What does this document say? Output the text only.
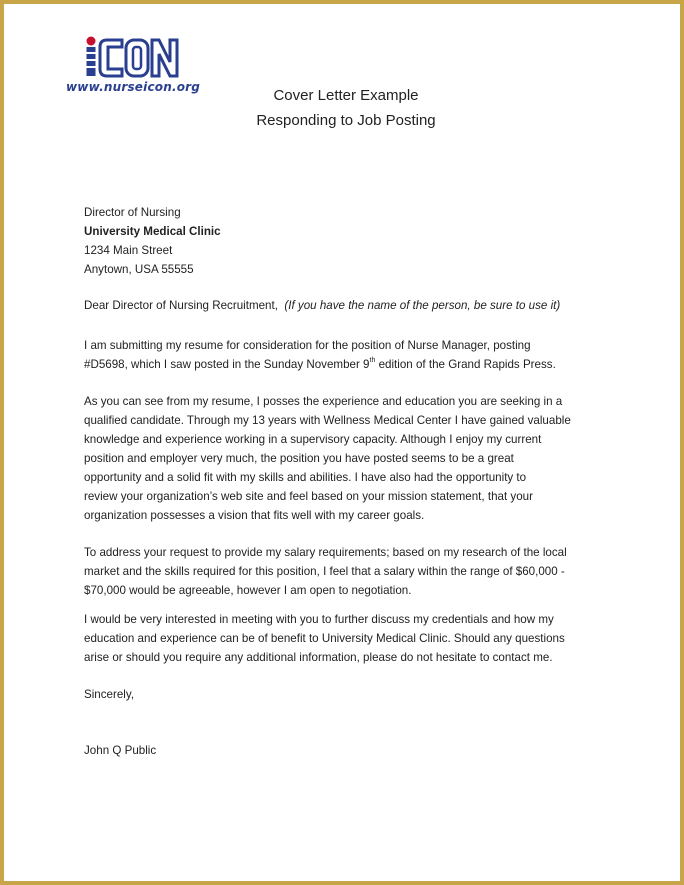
www.nurseicon.org	Cover Letter Example
Responding to Job Posting
Director of Nursing
University Medical Clinic
1234 Main Street
Anytown, USA 55555
Dear Director of Nursing Recruitment, (If you have the name of the person, be sure to use it)
I am submitting my resume for consideration for the position of Nurse Manager, posting
#D5698, which I saw posted in the Sunday November 9th edition of the Grand Rapids Press.
As you can see from my resume, I posses the experience and education you are seeking in a
qualified candidate. Through my 13 years with Wellness Medical Center I have gained valuable
knowledge and experience working in a supervisory capacity. Although I enjoy my current
position and employer very much, the position you have posted seems to be a great
opportunity and a solid fit with my skills and abilities. I have also had the opportunity to
review your organization’s web site and feel based on your mission statement, that your
organization possesses a vision that fits well with my career goals.
To address your request to provide my salary requirements; based on my research of the local
market and the skills required for this position, I feel that a salary within the range of $60,000 -
$70,000 would be agreeable, however I am open to negotiation.
I would be very interested in meeting with you to further discuss my credentials and how my
education and experience can be of benefit to University Medical Clinic. Should any questions
arise or should you require any additional information, please do not hesitate to contact me.
Sincerely,
John Q Public
